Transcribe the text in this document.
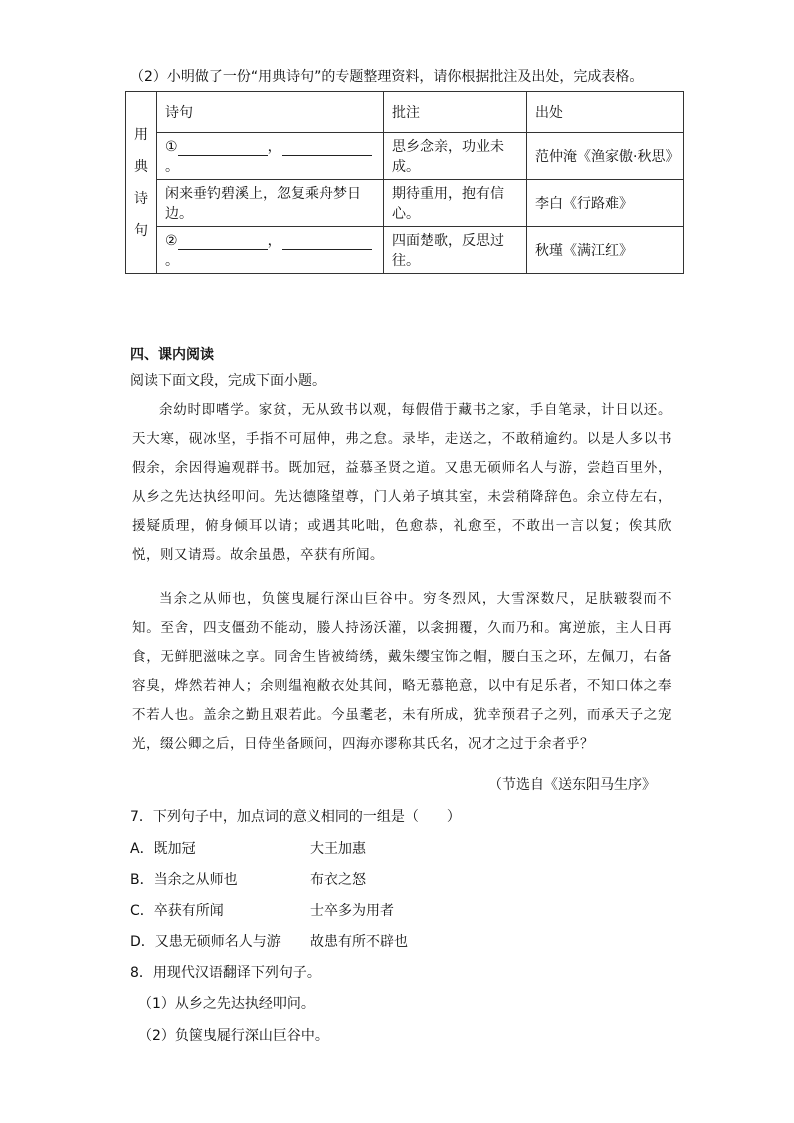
（2）小明做了一份“用典诗句”的专题整理资料，请你根据批注及出处，完成表格。
用
典
诗
句	诗句	批注	出处
	① ，。	思乡念亲，功业未成。	范仲淹《渔家傲·秋思》
	闲来垂钓碧溪上，忽复乘舟梦日边。	期待重用，抱有信心。	李白《行路难》
	② ，。	四面楚歌，反思过往。	秋瑾《满江红》
四、课内阅读
阅读下面文段，完成下面小题。

余幼时即嗜学。家贫，无从致书以观，每假借于藏书之家，手自笔录，计日以还。天大寒，砚冰坚，手指不可屈伸，弗之怠。录毕，走送之，不敢稍逾约。以是人多以书假余，余因得遍观群书。既加冠，益慕圣贤之道。又患无硕师名人与游，尝趋百里外，从乡之先达执经叩问。先达德隆望尊，门人弟子填其室，未尝稍降辞色。余立侍左右，援疑质理，俯身倾耳以请；或遇其叱咄，色愈恭，礼愈至，不敢出一言以复；俟其欣悦，则又请焉。故余虽愚，卒获有所闻。

当余之从师也，负箧曳屣行深山巨谷中。穷冬烈风，大雪深数尺，足肤皲裂而不知。至舍，四支僵劲不能动，媵人持汤沃灌，以衾拥覆，久而乃和。寓逆旅，主人日再食，无鲜肥滋味之享。同舍生皆被绮绣，戴朱缨宝饰之帽，腰白玉之环，左佩刀，右备容臭，烨然若神人；余则缊袍敝衣处其间，略无慕艳意，以中有足乐者，不知口体之奉不若人也。盖余之勤且艰若此。今虽耄老，未有所成，犹幸预君子之列，而承天子之宠光，缀公卿之后，日侍坐备顾问，四海亦谬称其氏名，况才之过于余者乎？

（节选自《送东阳马生序》
7．下列句子中，加点词的意义相同的一组是（　　）
A．既加冠	大王加惠
B．当余之从师也	布衣之怒
C．卒获有所闻	士卒多为用者
D．又患无硕师名人与游 故患有所不辟也
8．用现代汉语翻译下列句子。
（1）从乡之先达执经叩问。
（2）负箧曳屣行深山巨谷中。
